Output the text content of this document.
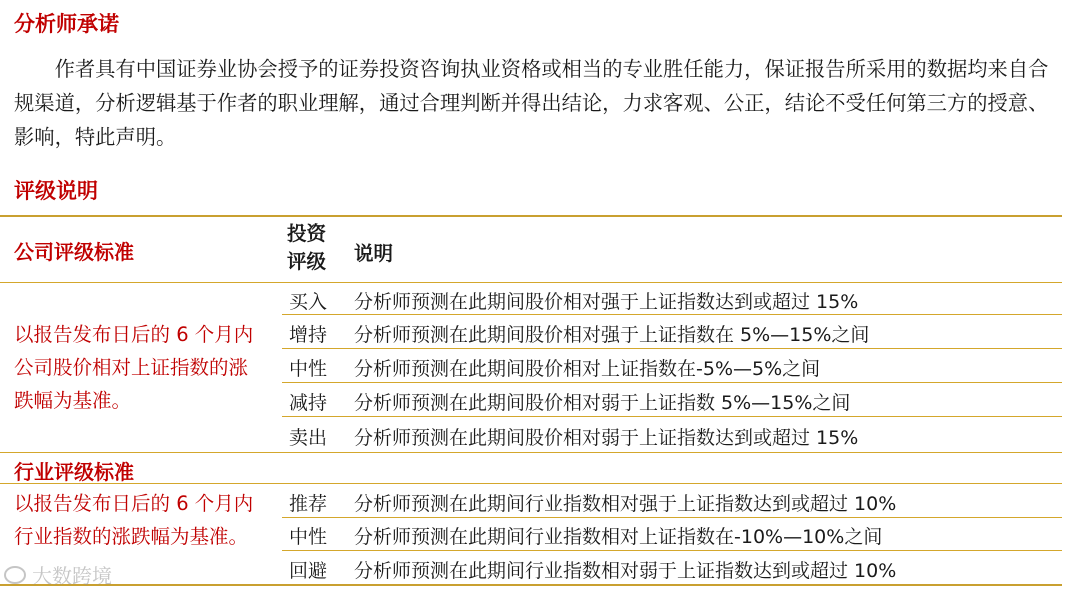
分析师承诺

作者具有中国证券业协会授予的证券投资咨询执业资格或相当的专业胜任能力，保证报告所采用的数据均来自合规渠道，分析逻辑基于作者的职业理解，通过合理判断并得出结论，力求客观、公正，结论不受任何第三方的授意、影响，特此声明。

评级说明
公司评级标准
投资评级 说明
以报告发布日后的 6 个月内公司股价相对上证指数的涨跌幅为基准。
买入 分析师预测在此期间股价相对强于上证指数达到或超过 15%
增持 分析师预测在此期间股价相对强于上证指数在 5%—15%之间
中性 分析师预测在此期间股价相对上证指数在-5%—5%之间
减持 分析师预测在此期间股价相对弱于上证指数 5%—15%之间
卖出 分析师预测在此期间股价相对弱于上证指数达到或超过 15%
行业评级标准
以报告发布日后的 6 个月内行业指数的涨跌幅为基准。
推荐 分析师预测在此期间行业指数相对强于上证指数达到或超过 10%
中性 分析师预测在此期间行业指数相对上证指数在-10%—10%之间
回避 分析师预测在此期间行业指数相对弱于上证指数达到或超过 10%
大数跨境
